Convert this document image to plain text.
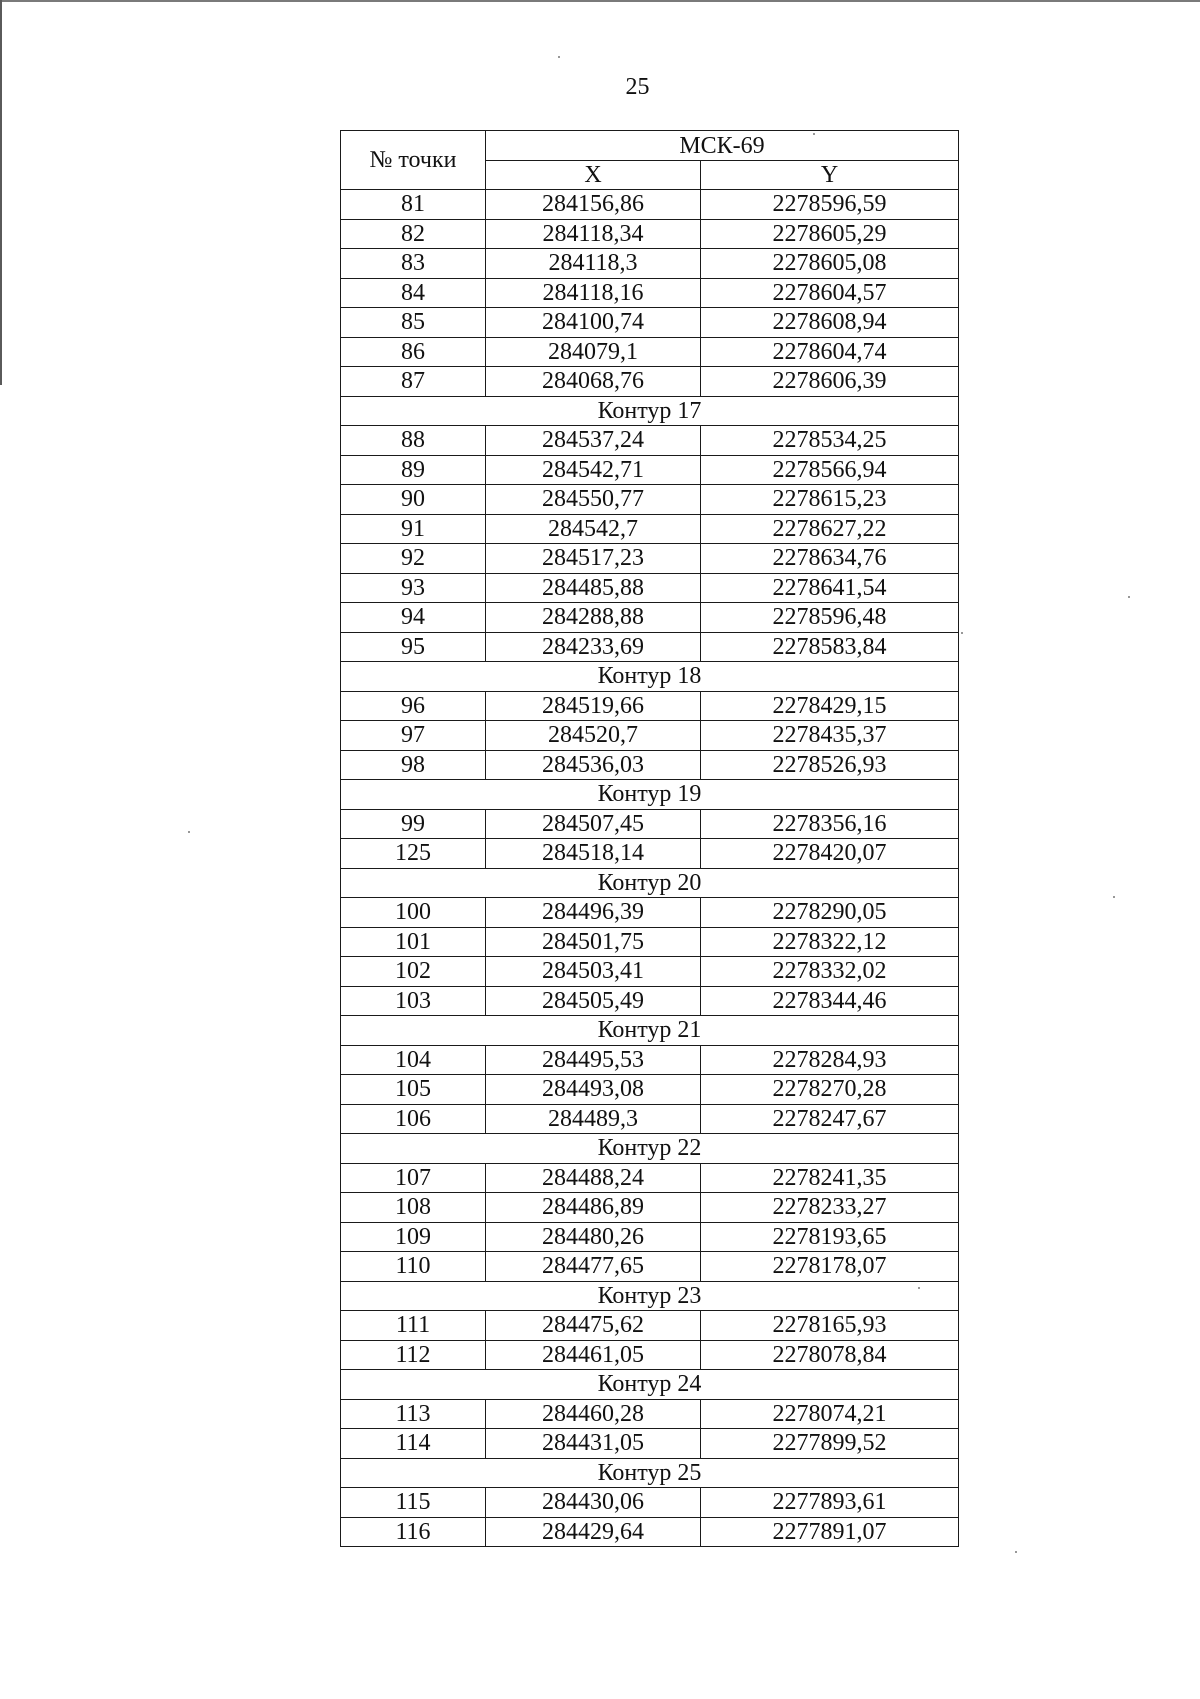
25
№ точки	МСК-69	
	X	Y
81	284156,86	2278596,59
82	284118,34	2278605,29
83	284118,3	2278605,08
84	284118,16	2278604,57
85	284100,74	2278608,94
86	284079,1	2278604,74
87	284068,76	2278606,39
Контур 17		
88	284537,24	2278534,25
89	284542,71	2278566,94
90	284550,77	2278615,23
91	284542,7	2278627,22
92	284517,23	2278634,76
93	284485,88	2278641,54
94	284288,88	2278596,48
95	284233,69	2278583,84
Контур 18		
96	284519,66	2278429,15
97	284520,7	2278435,37
98	284536,03	2278526,93
Контур 19		
99	284507,45	2278356,16
125	284518,14	2278420,07
Контур 20		
100	284496,39	2278290,05
101	284501,75	2278322,12
102	284503,41	2278332,02
103	284505,49	2278344,46
Контур 21		
104	284495,53	2278284,93
105	284493,08	2278270,28
106	284489,3	2278247,67
Контур 22		
107	284488,24	2278241,35
108	284486,89	2278233,27
109	284480,26	2278193,65
110	284477,65	2278178,07
Контур 23		
111	284475,62	2278165,93
112	284461,05	2278078,84
Контур 24		
113	284460,28	2278074,21
114	284431,05	2277899,52
Контур 25		
115	284430,06	2277893,61
116	284429,64	2277891,07
